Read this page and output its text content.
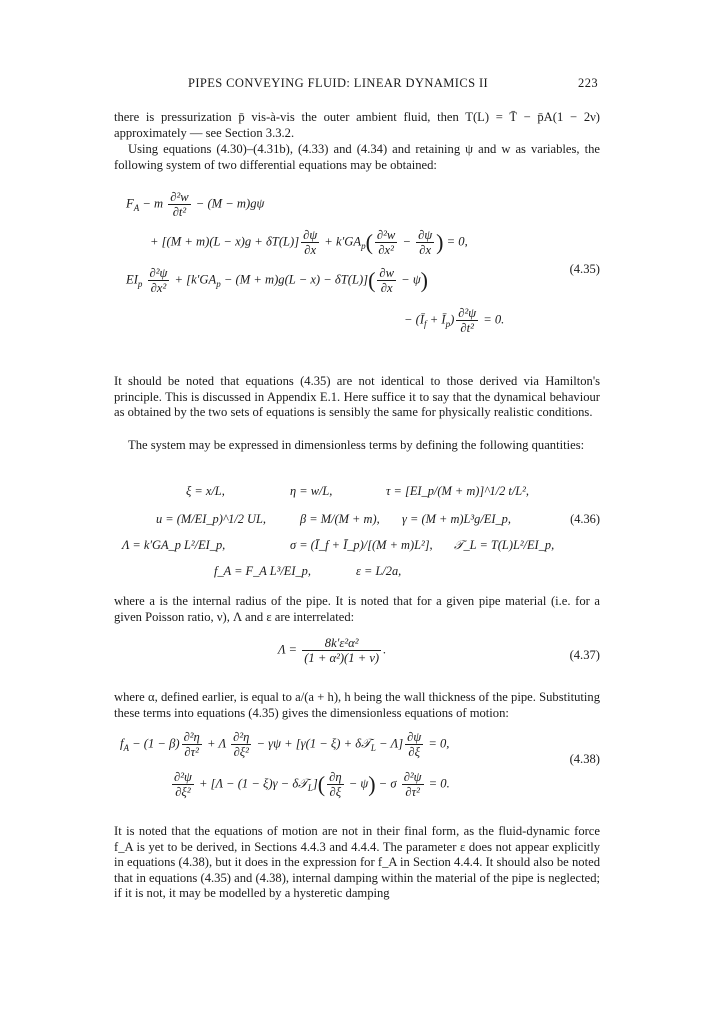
PIPES CONVEYING FLUID: LINEAR DYNAMICS II	223
there is pressurization p̄ vis-à-vis the outer ambient fluid, then T(L) = T̄ − p̄A(1 − 2ν) approximately — see Section 3.3.2.
Using equations (4.30)–(4.31b), (4.33) and (4.34) and retaining ψ and w as variables, the following system of two differential equations may be obtained:
$F_A - m \frac{\text{∂²w}}{\text{∂t²}} - (M - m)g\psi$
+ $[(M + m)(L - x)g + \delta T(L)] \frac{\partial\psi}{\partial x} + k'GA_p( \frac{\text{∂²w}}{\text{∂x²}} - \frac{\partial\psi}{\partial x}$ ) = 0,
(4.35)
$EI_p \frac{\text{∂²ψ}}{\text{∂x²}} + [k'GA_p - (M + m)g(L - x) - \delta T(L)]( \frac{\partial w}{\partial x} - \psi)$
− ($Ī_f$ + $Ī_p) \frac{\text{∂²ψ}}{\text{∂t²}} = 0$.
It should be noted that equations (4.35) are not identical to those derived via Hamilton's principle. This is discussed in Appendix E.1. Here suffice it to say that the dynamical behaviour as obtained by the two sets of equations is sensibly the same for physically realistic conditions.
The system may be expressed in dimensionless terms by defining the following quantities:
ξ = x/L,	η = w/L,	τ = [EI_p/(M + m)]^1/2 t/L²,
u = (M/EI_p)^1/2 UL,	β = M/(M + m), γ = (M + m)L³g/EI_p,	(4.36)
Λ = k′GA_p L²/EI_p,	σ = (Ī_f + Ī_p)/[(M + m)L²], 𝒯_L = T(L)L²/EI_p,
f_A = F_A L³/EI_p,	ε = L/2a,
where a is the internal radius of the pipe. It is noted that for a given pipe material (i.e. for a given Poisson ratio, ν), Λ and ε are interrelated:
$\Lambda = \frac{\text{8k′ε²α²}}{\text{(1 + α²)(1 + ν)}}$ .	(4.37)
where α, defined earlier, is equal to a/(a + h), h being the wall thickness of the pipe. Substituting these terms into equations (4.35) gives the dimensionless equations of motion:
$f_A - (1 - \beta) \frac{\text{∂²η}}{\text{∂τ²}} + \Lambda \frac{\text{∂²η}}{\text{∂ξ²}} - \gamma\psi + [\gamma(1 - \xi)$ + δ𝒯$_L$ − $\Lambda] \frac{\partial\psi}{\partial\xi} = 0$,
(4.38)
$\frac{\text{∂²ψ}}{\text{∂ξ²}} + [\Lambda - (1 - \xi)\gamma$ − δ𝒯$_L$]( $\frac{\partial\eta}{\partial\xi} - \psi) - \sigma \frac{\text{∂²ψ}}{\text{∂τ²}} = 0$.
It is noted that the equations of motion are not in their final form, as the fluid-dynamic force f_A is yet to be derived, in Sections 4.4.3 and 4.4.4. The parameter ε does not appear explicitly in equations (4.38), but it does in the expression for f_A in Section 4.4.4. It should also be noted that in equations (4.35) and (4.38), internal damping within the material of the pipe is neglected; if it is not, it may be modelled by a hysteretic damping
